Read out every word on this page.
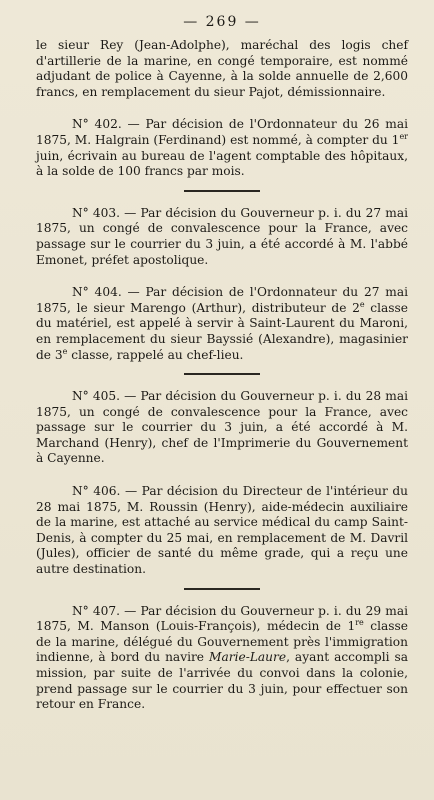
— 269 —

le sieur Rey (Jean-Adolphe), maréchal des logis chef d'artillerie de la marine, en congé temporaire, est nommé adjudant de police à Cayenne, à la solde annuelle de 2,600 francs, en remplacement du sieur Pajot, démissionnaire.

N° 402. — Par décision de l'Ordonnateur du 26 mai 1875, M. Halgrain (Ferdinand) est nommé, à compter du 1er juin, écrivain au bureau de l'agent comptable des hôpitaux, à la solde de 100 francs par mois.

N° 403. — Par décision du Gouverneur p. i. du 27 mai 1875, un congé de convalescence pour la France, avec passage sur le courrier du 3 juin, a été accordé à M. l'abbé Emonet, préfet apostolique.

N° 404. — Par décision de l'Ordonnateur du 27 mai 1875, le sieur Marengo (Arthur), distributeur de 2e classe du matériel, est appelé à servir à Saint-Laurent du Maroni, en remplacement du sieur Bayssié (Alexandre), magasinier de 3e classe, rappelé au chef-lieu.

N° 405. — Par décision du Gouverneur p. i. du 28 mai 1875, un congé de convalescence pour la France, avec passage sur le courrier du 3 juin, a été accordé à M. Marchand (Henry), chef de l'Imprimerie du Gouvernement à Cayenne.

N° 406. — Par décision du Directeur de l'intérieur du 28 mai 1875, M. Roussin (Henry), aide-médecin auxiliaire de la marine, est attaché au service médical du camp Saint-Denis, à compter du 25 mai, en remplacement de M. Davril (Jules), officier de santé du même grade, qui a reçu une autre destination.

N° 407. — Par décision du Gouverneur p. i. du 29 mai 1875, M. Manson (Louis-François), médecin de 1re classe de la marine, délégué du Gouvernement près l'immigration indienne, à bord du navire Marie-Laure, ayant accompli sa mission, par suite de l'arrivée du convoi dans la colonie, prend passage sur le courrier du 3 juin, pour effectuer son retour en France.
